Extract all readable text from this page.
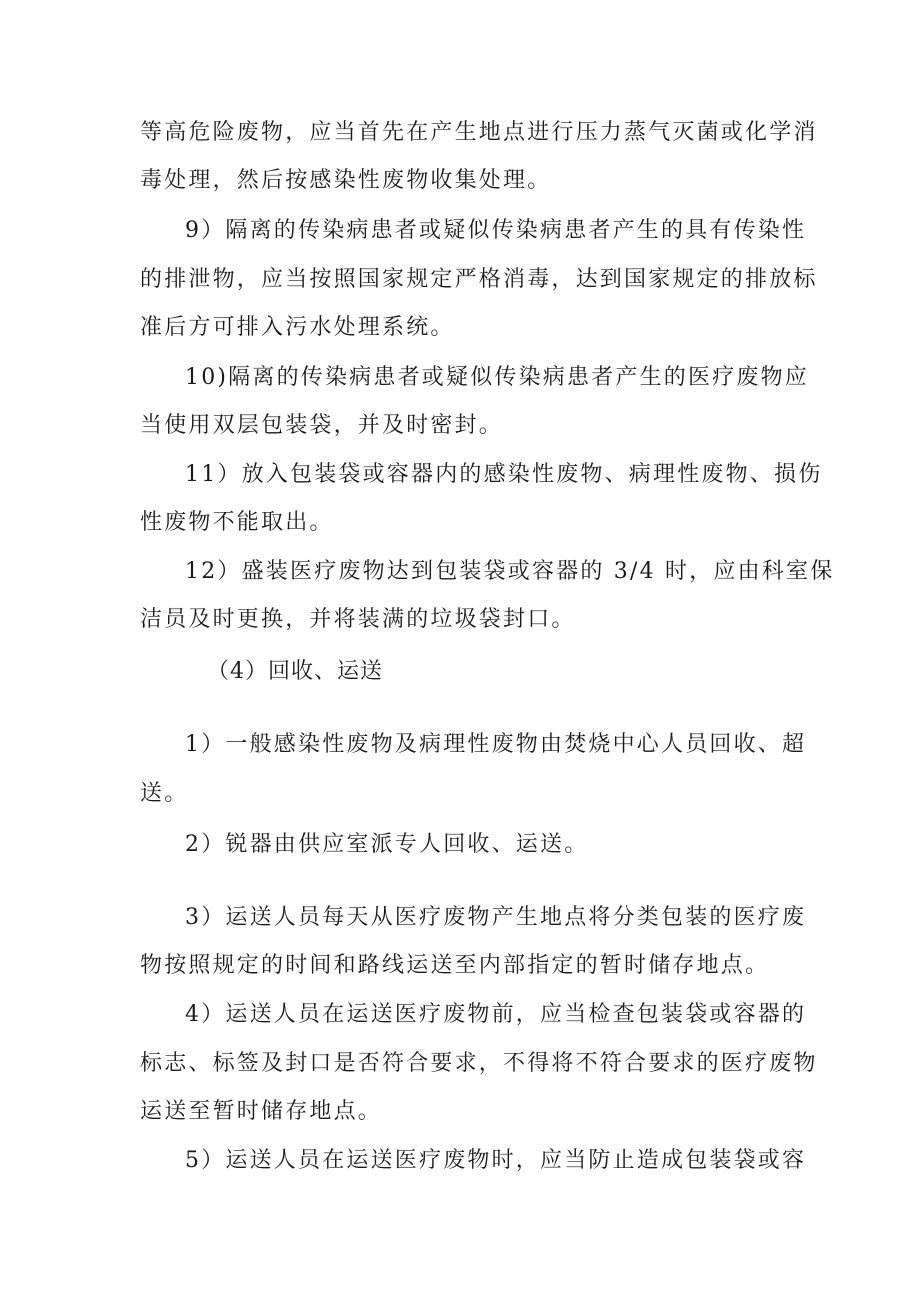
等高危险废物，应当首先在产生地点进行压力蒸气灭菌或化学消
毒处理，然后按感染性废物收集处理。
9）隔离的传染病患者或疑似传染病患者产生的具有传染性
的排泄物，应当按照国家规定严格消毒，达到国家规定的排放标
准后方可排入污水处理系统。
10)隔离的传染病患者或疑似传染病患者产生的医疗废物应
当使用双层包装袋，并及时密封。
11）放入包装袋或容器内的感染性废物、病理性废物、损伤
性废物不能取出。
12）盛装医疗废物达到包装袋或容器的 3/4 时，应由科室保
洁员及时更换，并将装满的垃圾袋封口。
（4）回收、运送
1）一般感染性废物及病理性废物由焚烧中心人员回收、超
送。
2）锐器由供应室派专人回收、运送。
3）运送人员每天从医疗废物产生地点将分类包装的医疗废
物按照规定的时间和路线运送至内部指定的暂时储存地点。
4）运送人员在运送医疗废物前，应当检查包装袋或容器的
标志、标签及封口是否符合要求，不得将不符合要求的医疗废物
运送至暂时储存地点。
5）运送人员在运送医疗废物时，应当防止造成包装袋或容
